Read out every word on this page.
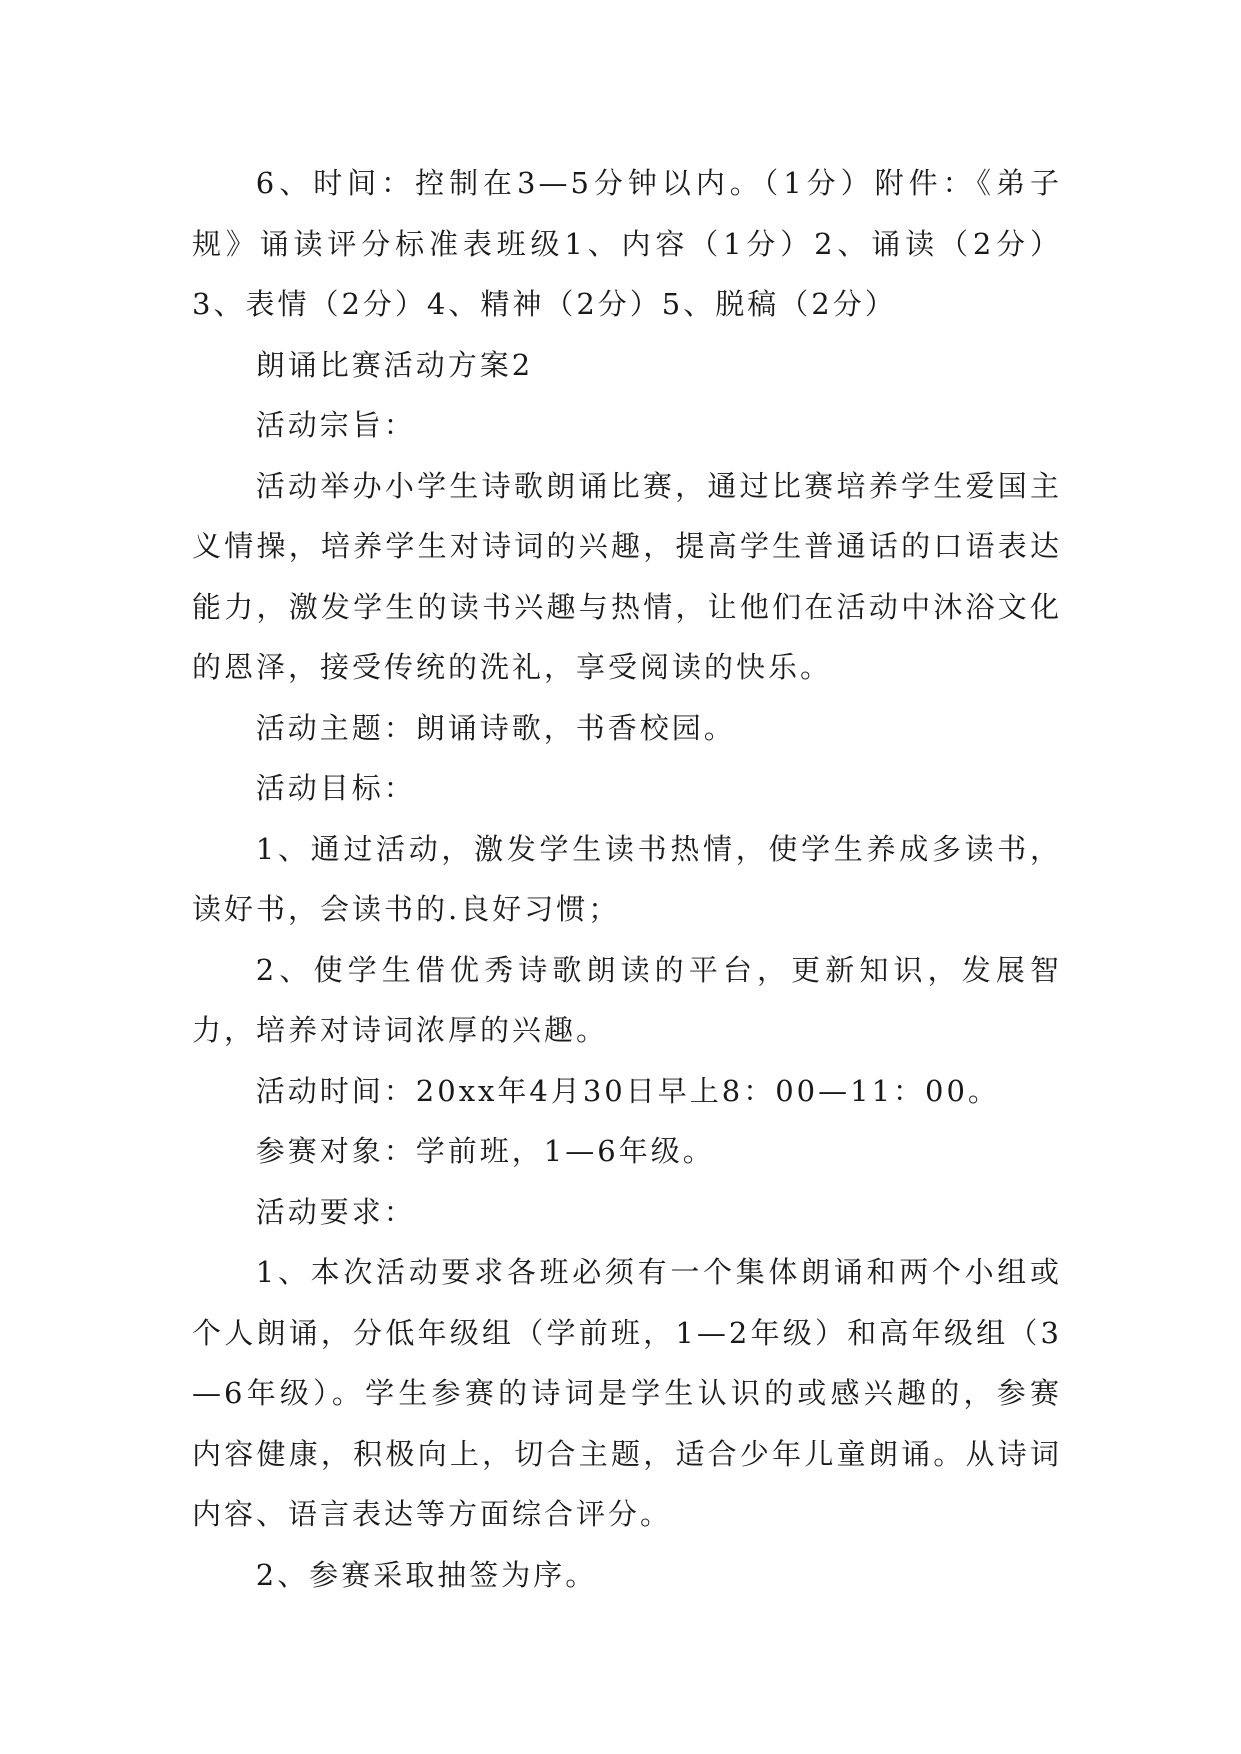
6、时间：控制在3—5分钟以内。（1分）附件：《弟子规》诵读评分标准表班级1、内容（1分）2、诵读（2分）3、表情（2分）4、精神（2分）5、脱稿（2分）

朗诵比赛活动方案2

活动宗旨：

活动举办小学生诗歌朗诵比赛，通过比赛培养学生爱国主义情操，培养学生对诗词的兴趣，提高学生普通话的口语表达能力，激发学生的读书兴趣与热情，让他们在活动中沐浴文化的恩泽，接受传统的洗礼，享受阅读的快乐。

活动主题：朗诵诗歌，书香校园。

活动目标：

1、通过活动，激发学生读书热情，使学生养成多读书，读好书，会读书的.良好习惯；

2、使学生借优秀诗歌朗读的平台，更新知识，发展智力，培养对诗词浓厚的兴趣。

活动时间：20xx年4月30日早上8：00—11：00。

参赛对象：学前班，1—6年级。

活动要求：

1、本次活动要求各班必须有一个集体朗诵和两个小组或个人朗诵，分低年级组（学前班，1—2年级）和高年级组（3—6年级）。学生参赛的诗词是学生认识的或感兴趣的，参赛内容健康，积极向上，切合主题，适合少年儿童朗诵。从诗词内容、语言表达等方面综合评分。

2、参赛采取抽签为序。
